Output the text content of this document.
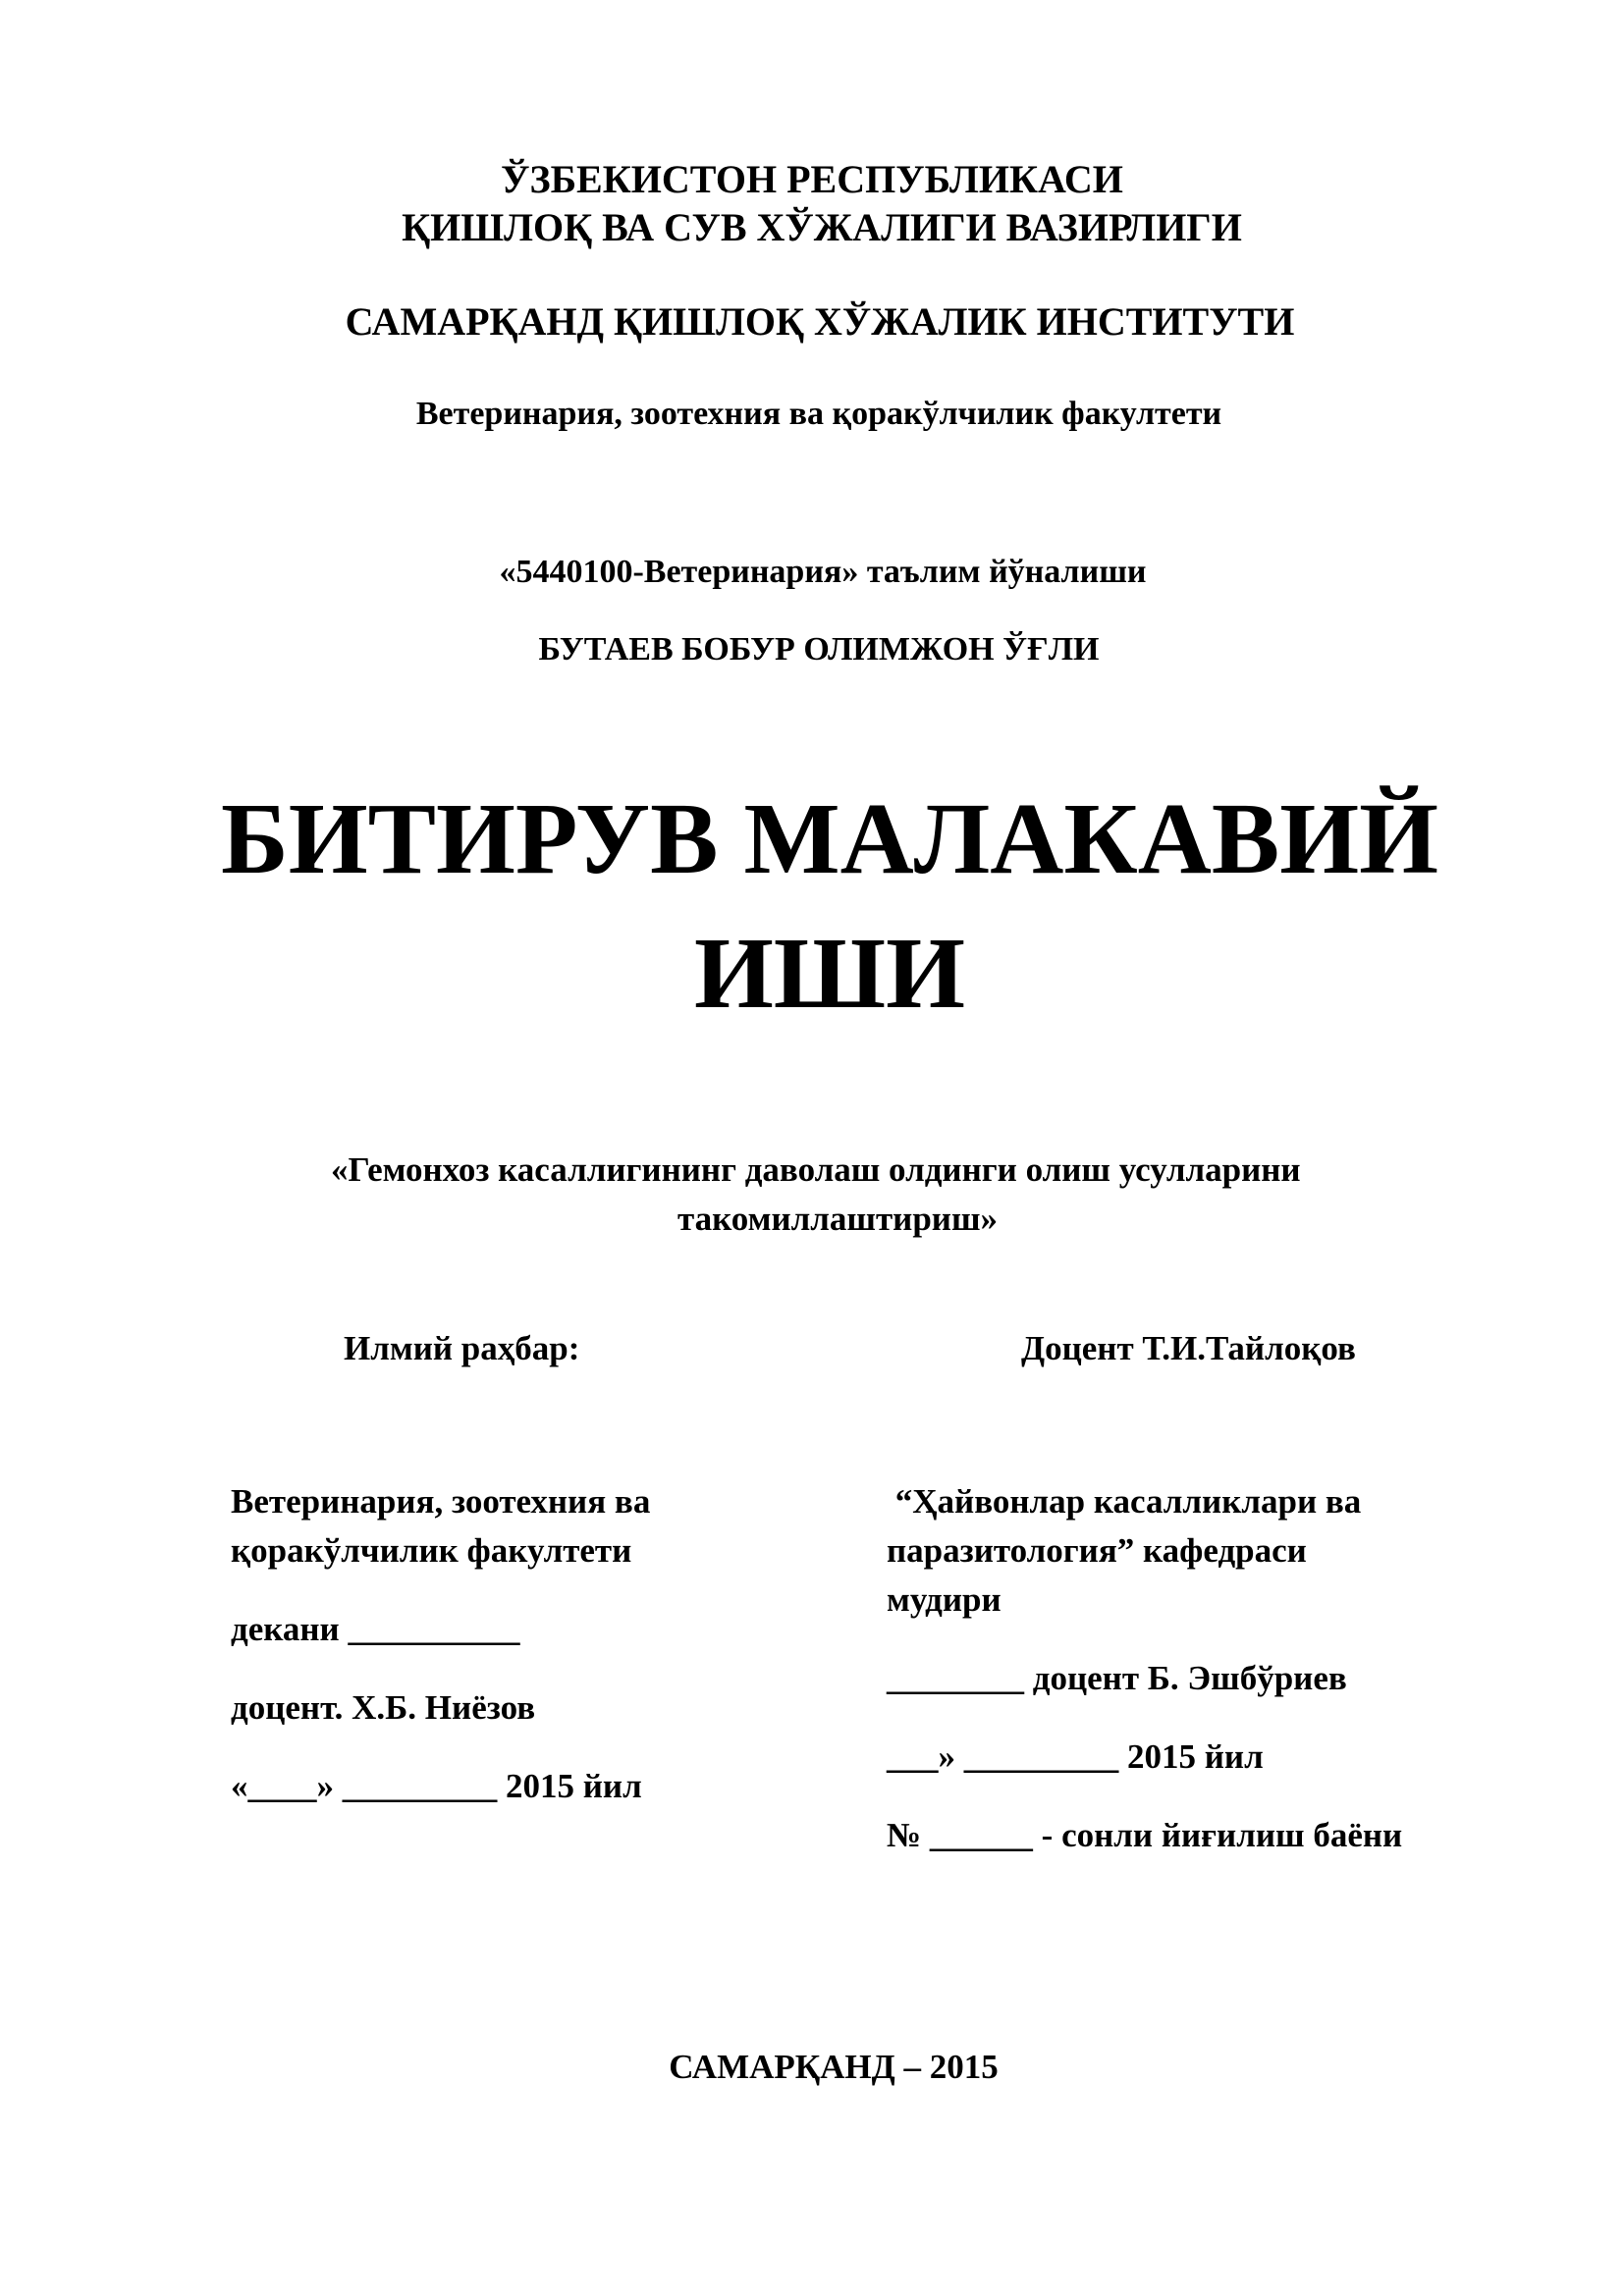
ЎЗБЕКИСТОН РЕСПУБЛИКАСИ
ҚИШЛОҚ ВА СУВ ХЎЖАЛИГИ ВАЗИРЛИГИ
САМАРҚАНД ҚИШЛОҚ ХЎЖАЛИК ИНСТИТУТИ
Ветеринария, зоотехния ва қоракўлчилик факултети
«5440100-Ветеринария» таълим йўналиши
БУТАЕВ БОБУР ОЛИМЖОН ЎҒЛИ
БИТИРУВ МАЛАКАВИЙ
ИШИ
«Гемонхоз касаллигининг даволаш олдинги олиш усулларини
такомиллаштириш»
Илмий раҳбар:	Доцент Т.И.Тайлоқов
Ветеринария, зоотехния ва
қоракўлчилик факултети
декани __________
доцент. Х.Б. Ниёзов
«____» _________ 2015 йил
“Ҳайвонлар касалликлари ва
паразитология” кафедраси
мудири
________ доцент Б. Эшбўриев
___» _________ 2015 йил
№ ______ - сонли йиғилиш баёни
САМАРҚАНД – 2015
